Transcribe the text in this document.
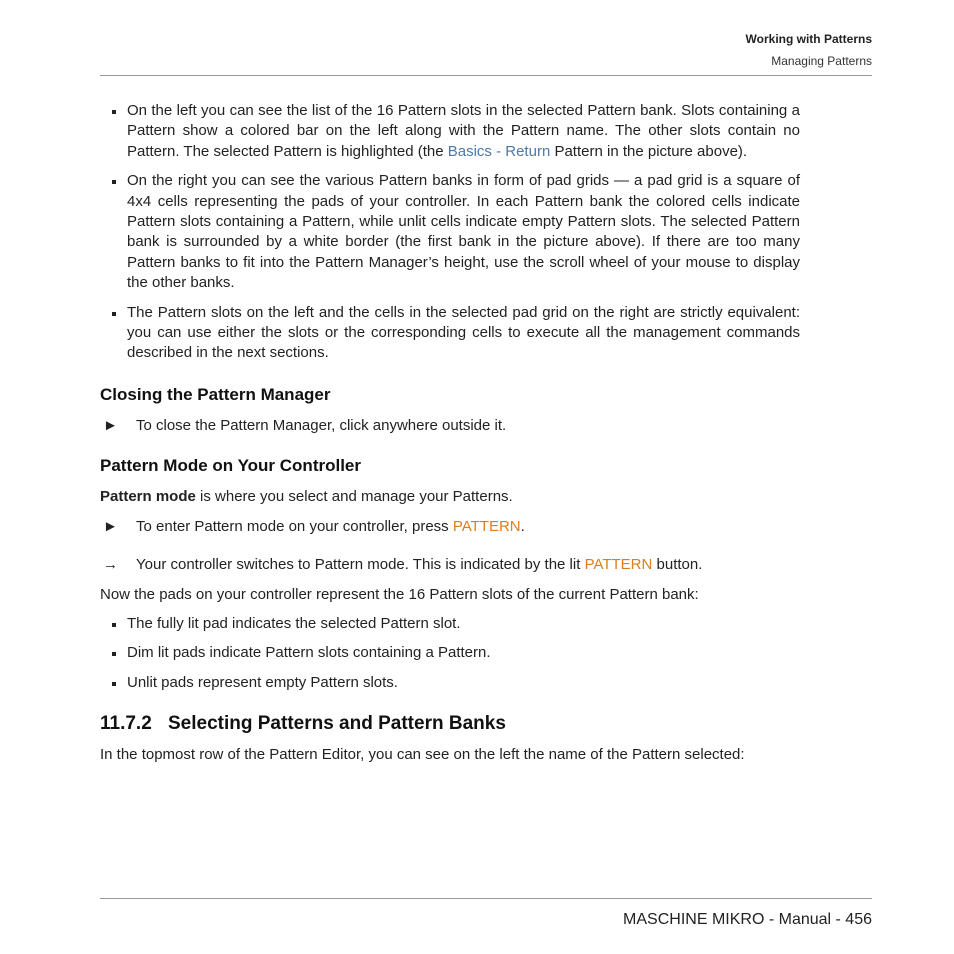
Working with Patterns
Managing Patterns
On the left you can see the list of the 16 Pattern slots in the selected Pattern bank. Slots containing a Pattern show a colored bar on the left along with the Pattern name. The other slots contain no Pattern. The selected Pattern is highlighted (the Basics - Return Pattern in the picture above).
On the right you can see the various Pattern banks in form of pad grids — a pad grid is a square of 4x4 cells representing the pads of your controller. In each Pattern bank the colored cells indicate Pattern slots containing a Pattern, while unlit cells indicate empty Pattern slots. The selected Pattern bank is surrounded by a white border (the first bank in the picture above). If there are too many Pattern banks to fit into the Pattern Manager’s height, use the scroll wheel of your mouse to display the other banks.
The Pattern slots on the left and the cells in the selected pad grid on the right are strictly equivalent: you can use either the slots or the corresponding cells to execute all the management commands described in the next sections.
Closing the Pattern Manager
► To close the Pattern Manager, click anywhere outside it.
Pattern Mode on Your Controller

Pattern mode is where you select and manage your Patterns.

► To enter Pattern mode on your controller, press PATTERN.
→ Your controller switches to Pattern mode. This is indicated by the lit PATTERN button.

Now the pads on your controller represent the 16 Pattern slots of the current Pattern bank:

The fully lit pad indicates the selected Pattern slot.
Dim lit pads indicate Pattern slots containing a Pattern.
Unlit pads represent empty Pattern slots.
11.7.2 Selecting Patterns and Pattern Banks

In the topmost row of the Pattern Editor, you can see on the left the name of the Pattern selected:

MASCHINE MIKRO - Manual - 456
